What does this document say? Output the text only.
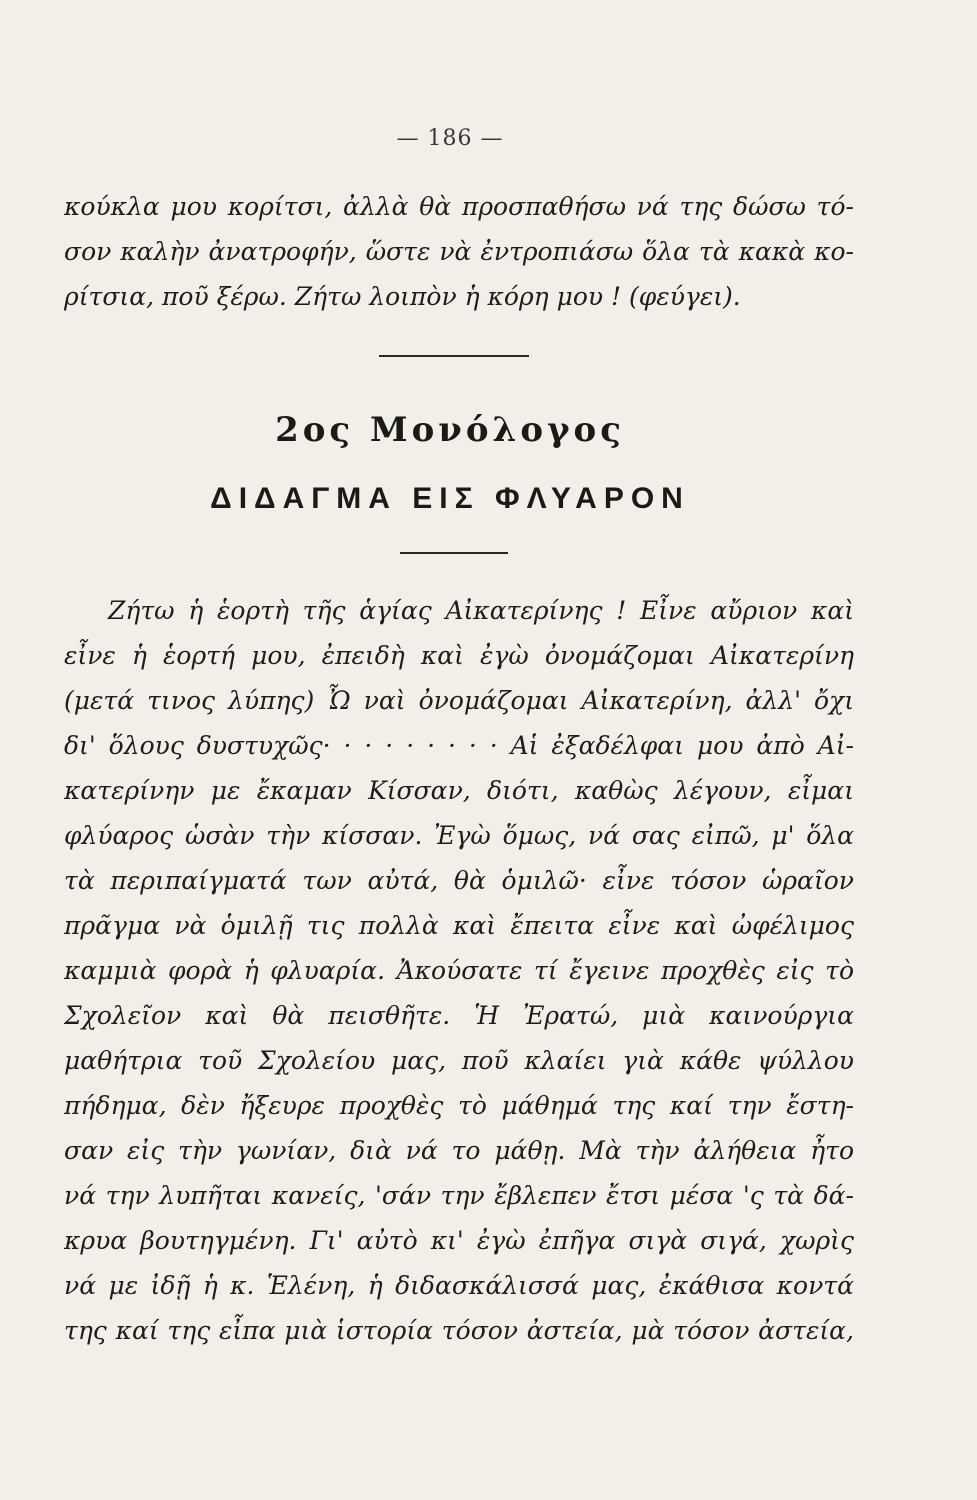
— 186 —
κούκλα μου κορίτσι, ἀλλὰ θὰ προσπαθήσω νά της δώσω τό-
σον καλὴν ἀνατροφήν, ὥστε νὰ ἐντροπιάσω ὅλα τὰ κακὰ κο-
ρίτσια, ποῦ ξέρω. Ζήτω λοιπὸν ἡ κόρη μου ! (φεύγει).
2ος Μονόλογος
ΔΙΔΑΓΜΑ ΕΙΣ ΦΛΥΑΡΟΝ
Ζήτω ἡ ἑορτὴ τῆς ἁγίας Αἰκατερίνης ! Εἶνε αὔριον καὶ
εἶνε ἡ ἑορτή μου, ἐπειδὴ καὶ ἐγὼ ὀνομάζομαι Αἰκατερίνη
(μετά τινος λύπης) Ὦ ναὶ ὀνομάζομαι Αἰκατερίνη, ἀλλ' ὄχι
δι' ὅλους δυστυχῶς· · · · · · · · · Αἱ ἐξαδέλφαι μου ἀπὸ Αἰ-
κατερίνην με ἔκαμαν Κίσσαν, διότι, καθὼς λέγουν, εἶμαι
φλύαρος ὡσὰν τὴν κίσσαν. Ἐγὼ ὅμως, νά σας εἰπῶ, μ' ὅλα
τὰ περιπαίγματά των αὐτά, θὰ ὁμιλῶ· εἶνε τόσον ὡραῖον
πρᾶγμα νὰ ὁμιλῇ τις πολλὰ καὶ ἔπειτα εἶνε καὶ ὠφέλιμος
καμμιὰ φορὰ ἡ φλυαρία. Ἀκούσατε τί ἔγεινε προχθὲς εἰς τὸ
Σχολεῖον καὶ θὰ πεισθῆτε. Ἡ Ἐρατώ, μιὰ καινούργια
μαθήτρια τοῦ Σχολείου μας, ποῦ κλαίει γιὰ κάθε ψύλλου
πήδημα, δὲν ἤξευρε προχθὲς τὸ μάθημά της καί την ἔστη-
σαν εἰς τὴν γωνίαν, διὰ νά το μάθῃ. Μὰ τὴν ἀλήθεια ἦτο
νά την λυπῆται κανείς, 'σάν την ἔβλεπεν ἔτσι μέσα 'ς τὰ δά-
κρυα βουτηγμένη. Γι' αὐτὸ κι' ἐγὼ ἐπῆγα σιγὰ σιγά, χωρὶς
νά με ἰδῇ ἡ κ. Ἑλένη, ἡ διδασκάλισσά μας, ἐκάθισα κοντά
της καί της εἶπα μιὰ ἱστορία τόσον ἀστεία, μὰ τόσον ἀστεία,
